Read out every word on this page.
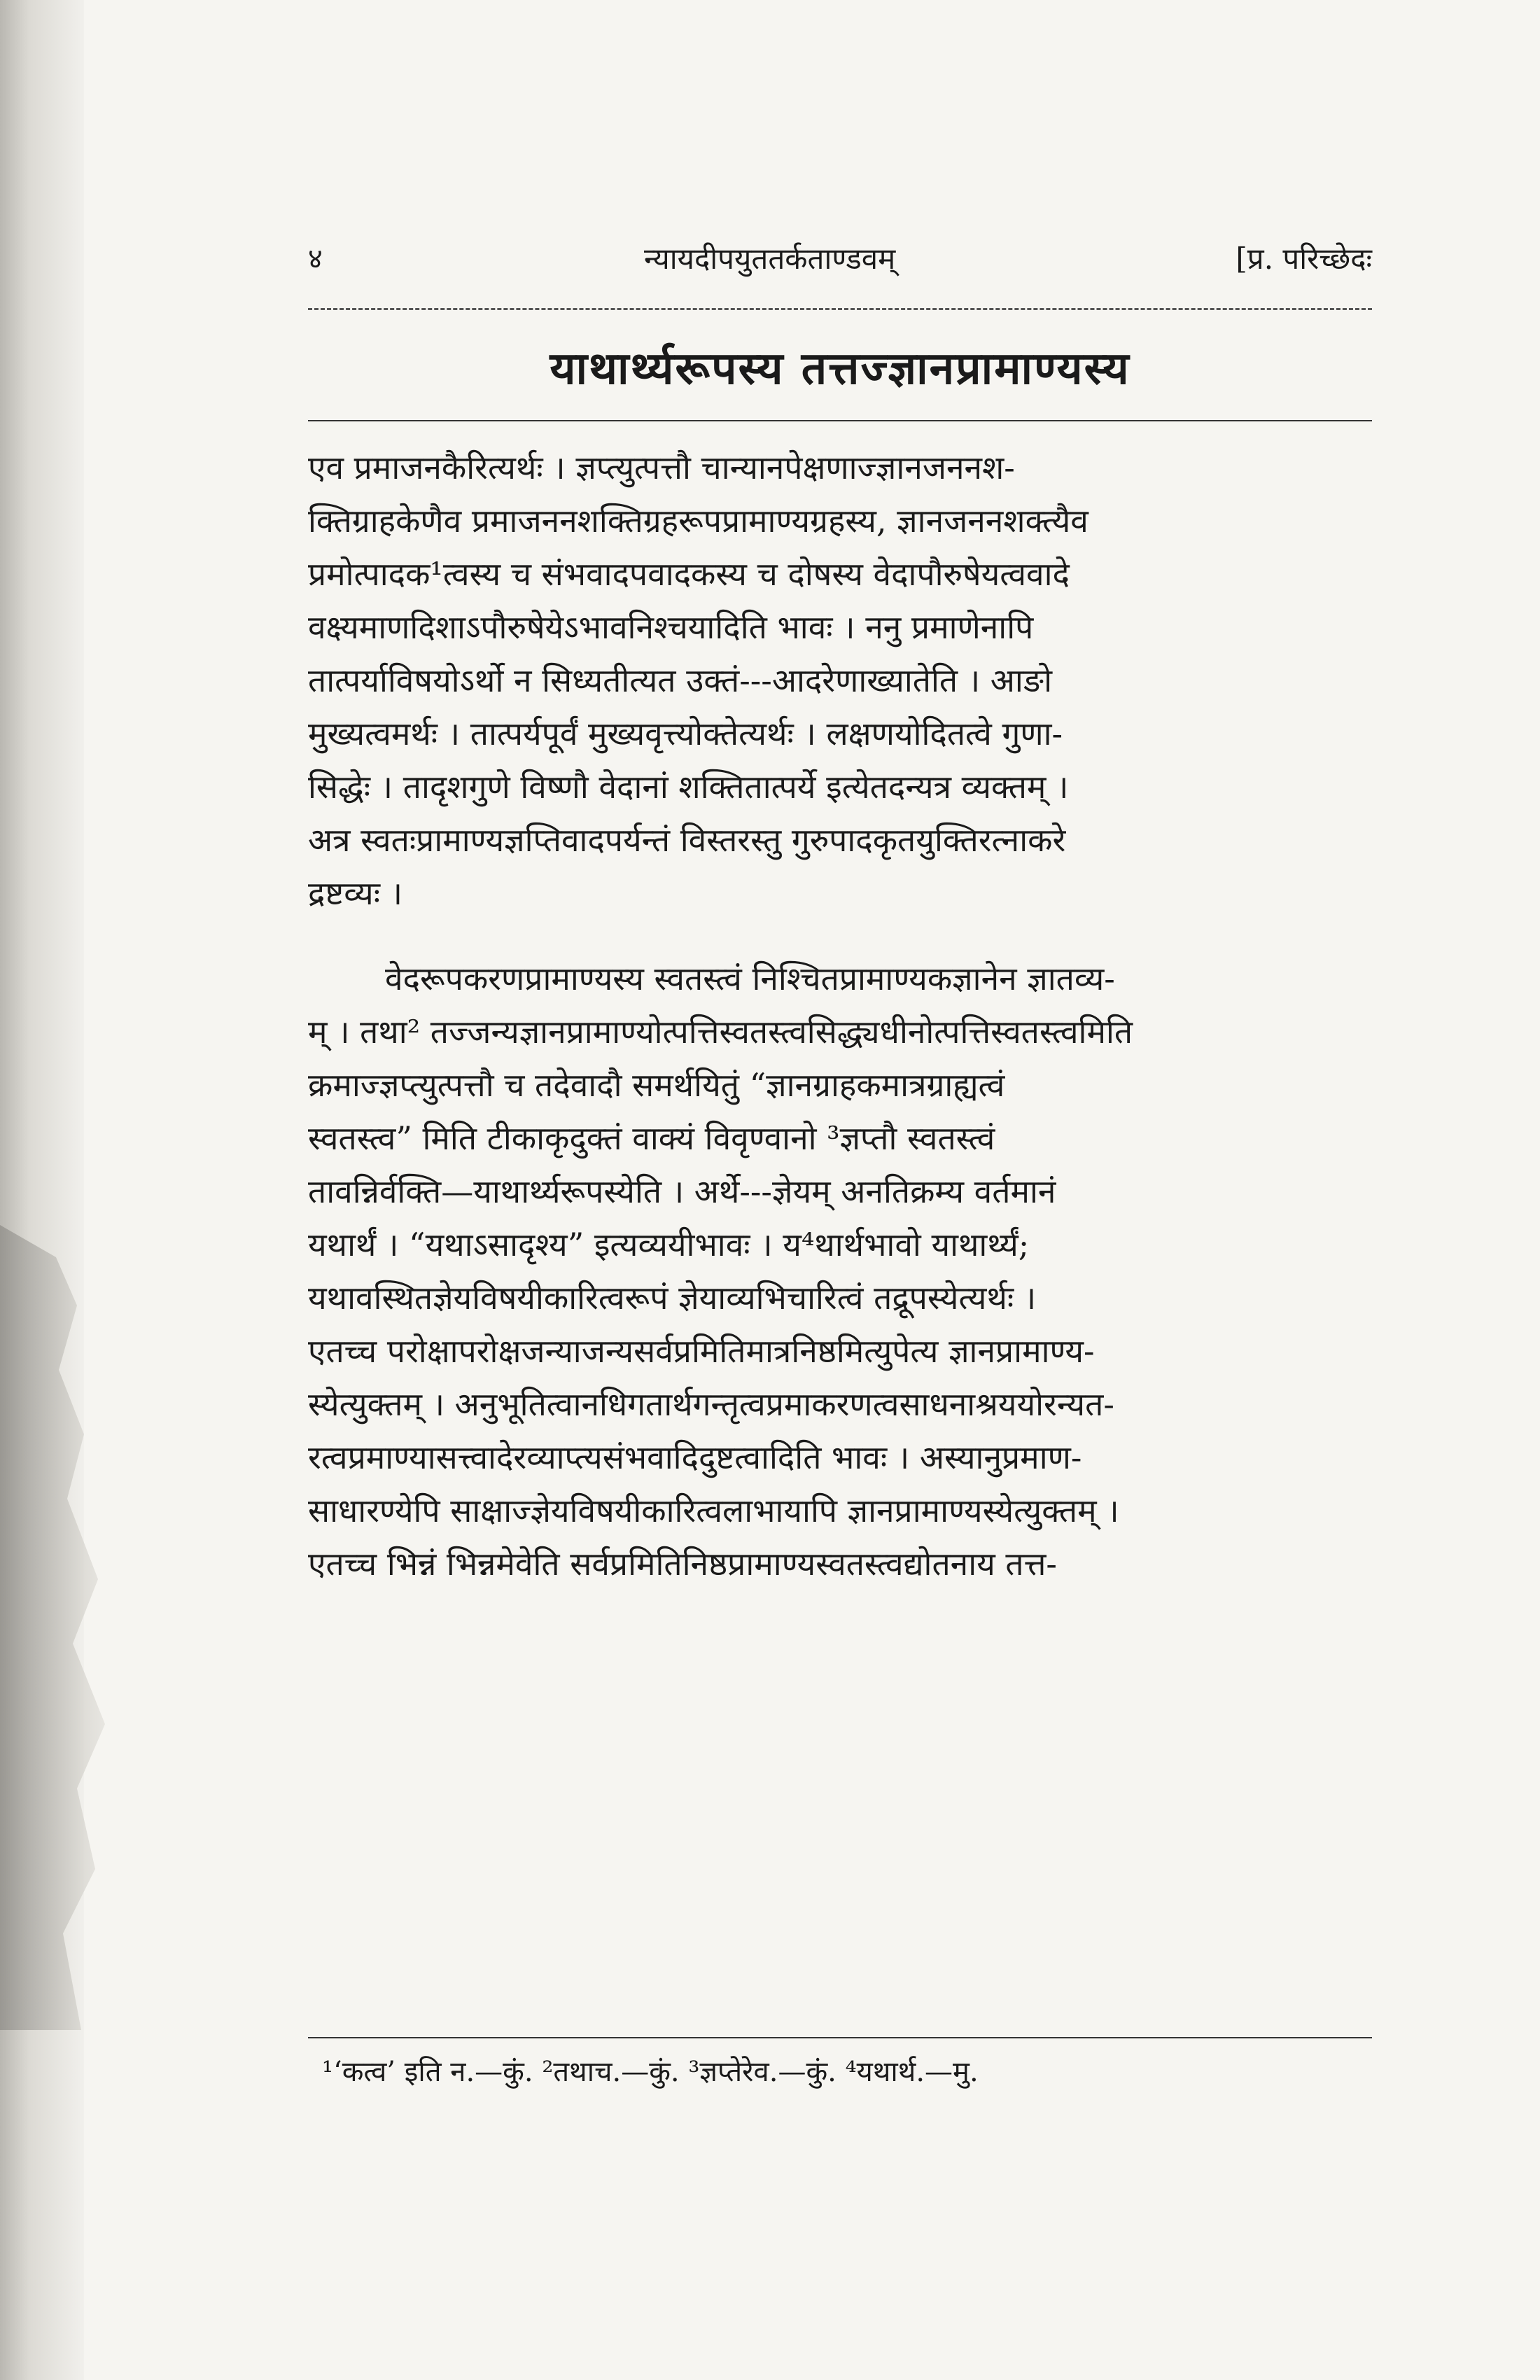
४	न्यायदीपयुततर्कताण्डवम्	[प्र. परिच्छेदः
याथार्थ्यरूपस्य तत्तज्ज्ञानप्रामाण्यस्य
एव प्रमाजनकैरित्यर्थः । ज्ञप्त्युत्पत्तौ चान्यानपेक्षणाज्ज्ञानजननश-
क्तिग्राहकेणैव प्रमाजननशक्तिग्रहरूपप्रामाण्यग्रहस्य, ज्ञानजननशक्त्यैव
प्रमोत्पादक¹त्वस्य च संभवादपवादकस्य च दोषस्य वेदापौरुषेयत्ववादे
वक्ष्यमाणदिशाऽपौरुषेयेऽभावनिश्चयादिति भावः । ननु प्रमाणेनापि
तात्पर्याविषयोऽर्थो न सिध्यतीत्यत उक्तं---आदरेणाख्यातेति । आङो
मुख्यत्वमर्थः । तात्पर्यपूर्वं मुख्यवृत्त्योक्तेत्यर्थः । लक्षणयोदितत्वे गुणा-
सिद्धेः । तादृशगुणे विष्णौ वेदानां शक्तितात्पर्ये इत्येतदन्यत्र व्यक्तम् ।
अत्र स्वतःप्रामाण्यज्ञप्तिवादपर्यन्तं विस्तरस्तु गुरुपादकृतयुक्तिरत्नाकरे
द्रष्टव्यः ।
वेदरूपकरणप्रामाण्यस्य स्वतस्त्वं निश्चितप्रामाण्यकज्ञानेन ज्ञातव्य-
म् । तथा² तज्जन्यज्ञानप्रामाण्योत्पत्तिस्वतस्त्वसिद्ध्यधीनोत्पत्तिस्वतस्त्वमिति
क्रमाज्ज्ञप्त्युत्पत्तौ च तदेवादौ समर्थयितुं “ज्ञानग्राहकमात्रग्राह्यत्वं
स्वतस्त्व” मिति टीकाकृदुक्तं वाक्यं विवृण्वानो ³ज्ञप्तौ स्वतस्त्वं
तावन्निर्वक्ति—याथार्थ्यरूपस्येति । अर्थे---ज्ञेयम् अनतिक्रम्य वर्तमानं
यथार्थं । “यथाऽसादृश्य” इत्यव्ययीभावः । य⁴थार्थभावो याथार्थ्यं;
यथावस्थितज्ञेयविषयीकारित्वरूपं ज्ञेयाव्यभिचारित्वं तद्रूपस्येत्यर्थः ।
एतच्च परोक्षापरोक्षजन्याजन्यसर्वप्रमितिमात्रनिष्ठमित्युपेत्य ज्ञानप्रामाण्य-
स्येत्युक्तम् । अनुभूतित्वानधिगतार्थगन्तृत्वप्रमाकरणत्वसाधनाश्रययोरन्यत-
रत्वप्रमाण्यासत्त्वादेरव्याप्त्यसंभवादिदुष्टत्वादिति भावः । अस्यानुप्रमाण-
साधारण्येपि साक्षाज्ज्ञेयविषयीकारित्वलाभायापि ज्ञानप्रामाण्यस्येत्युक्तम् ।
एतच्च भिन्नं भिन्नमेवेति सर्वप्रमितिनिष्ठप्रामाण्यस्वतस्त्वद्योतनाय तत्त-
¹‘कत्व’ इति न.—कुं. ²तथाच.—कुं. ³ज्ञप्तेरेव.—कुं. ⁴यथार्थ.—मु.
